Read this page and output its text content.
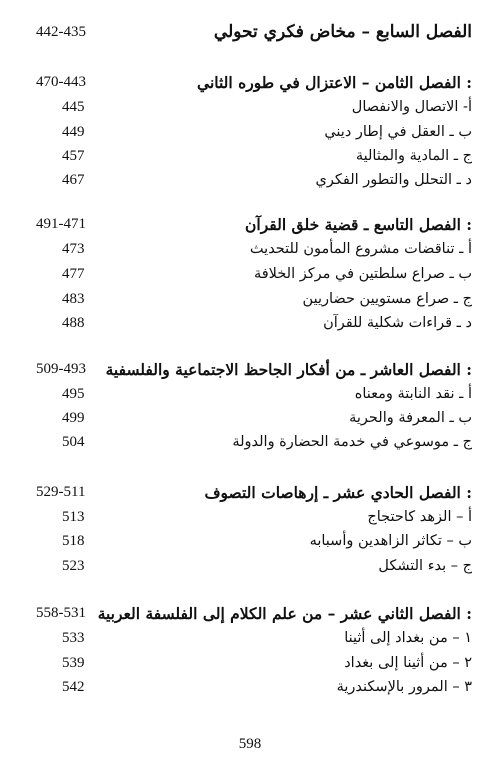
442-435	الفصل السابع – مخاض فكري تحولي
470-443	الفصل الثامن – الاعتزال في طوره الثاني :
445	أ- الاتصال والانفصال
449	ب ـ العقل في إطار ديني
457	ج ـ المادية والمثالية
467	د ـ التحلل والتطور الفكري
491-471	الفصل التاسع ـ قضية خلق القرآن :
473	أ ـ تناقضات مشروع المأمون للتحديث
477	ب ـ صراع سلطتين في مركز الخلافة
483	ج ـ صراع مستويين حضاريين
488	د ـ قراءات شكلية للقرآن
509-493	الفصل العاشر ـ من أفكار الجاحظ الاجتماعية والفلسفية :
495	أ ـ نقد النابتة ومعناه
499	ب ـ المعرفة والحرية
504	ج ـ موسوعي في خدمة الحضارة والدولة
529-511	الفصل الحادي عشر ـ إرهاصات التصوف :
513	أ – الزهد كاحتجاج
518	ب – تكاثر الزاهدين وأسبابه
523	ج – بدء التشكل
558-531 الفصل الثاني عشر – من علم الكلام إلى الفلسفة العربية :
533	١ – من بغداد إلى أثينا
539	٢ – من أثينا إلى بغداد
542	٣ – المرور بالإسكندرية
598
